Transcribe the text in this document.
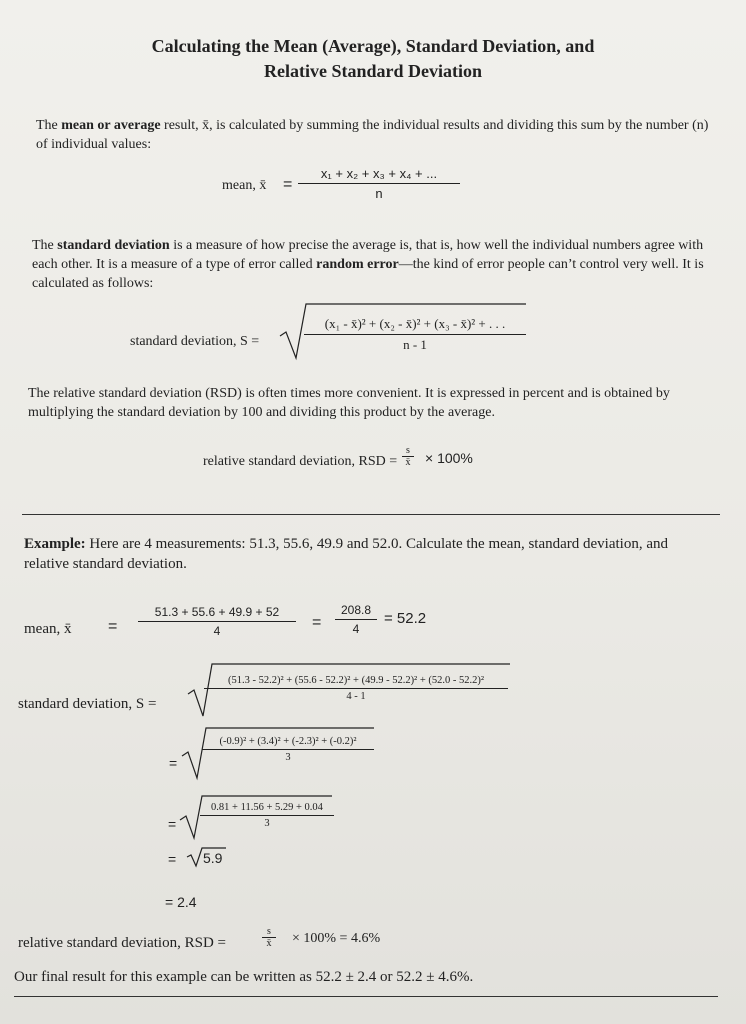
Calculating the Mean (Average), Standard Deviation, and
Relative Standard Deviation
The mean or average result, x̄, is calculated by summing the individual results and dividing this sum by the number (n) of individual values:
mean, x̄ = $\frac{\text{x₁ + x₂ + x₃ + x₄ + ...}}{n}$
The standard deviation is a measure of how precise the average is, that is, how well the individual numbers agree with each other. It is a measure of a type of error called random error—the kind of error people can’t control very well. It is calculated as follows:
standard deviation, S =	$\frac{\text{(x₁ - x̄)² + (x₂ - x̄)² + (x₃ - x̄)² + . . .}}{n - 1}$
The relative standard deviation (RSD) is often times more convenient. It is expressed in percent and is obtained by multiplying the standard deviation by 100 and dividing this product by the average.
relative standard deviation, RSD = $\frac{s}{x̄} \times 100\%$
Example: Here are 4 measurements: 51.3, 55.6, 49.9 and 52.0. Calculate the mean, standard deviation, and relative standard deviation.
mean, x̄ = $\frac{51.3 + 55.6 + 49.9 + 52}{4} = \frac{208.8}{4} = 52.2$
standard deviation, S =
(51.3 - 52.2)² + (55.6 - 52.2)² + (49.9 - 52.2)² + (52.0 - 52.2)²
4 - 1
= $\frac{\text{(-0.9)² + (3.4)² + (-2.3)² + (-0.2)²}}{3}$
= $\frac{0.81 + 11.56 + 5.29 + 0.04}{3}$
= 5.9
= 2.4
relative standard deviation, RSD =	$\frac{s}{x̄} \times 100\% = 4.6\%$
Our final result for this example can be written as 52.2 ± 2.4 or 52.2 ± 4.6%.
